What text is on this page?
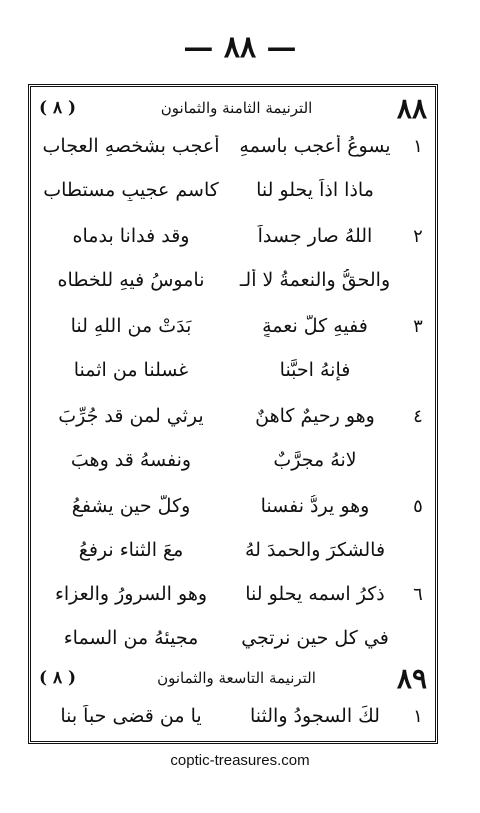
— ٨٨ —
٨٨
الترنيمة الثامنة والثمانون
( ٨ )
١
يسوعُ أعجب باسمهِ
أعجب بشخصهِ العجاب
ماذا اذاً يحلو لنا
كاسم عجيبٍ مستطاب
٢
اللهُ صار جسداً
وقد فدانا بدماه
والحقُّ والنعمةُ لا ألـ
ناموسُ فيهِ للخطاه
٣
ففيهِ كلُّ نعمةٍ
بَدَتْ من اللهِ لنا
فإنهُ احبَّنا
غسلنا من اثمنا
٤
وهو رحيمٌ كاهنٌ
يرثي لمن قد جُرِّبَ
لانهُ مجرَّبٌ
ونفسهُ قد وهبَ
٥
وهو يردُّ نفسنا
وكلَّ حين يشفعُ
فالشكرَ والحمدَ لهُ
معَ الثناء نرفعُ
٦
ذكرُ اسمه يحلو لنا
وهو السرورُ والعزاء
في كل حين نرتجي
مجيئهُ من السماء
٨٩
الترنيمة التاسعة والثمانون
( ٨ )
١
لكَ السجودُ والثنا
يا من قضى حباً بنا
coptic-treasures.com
